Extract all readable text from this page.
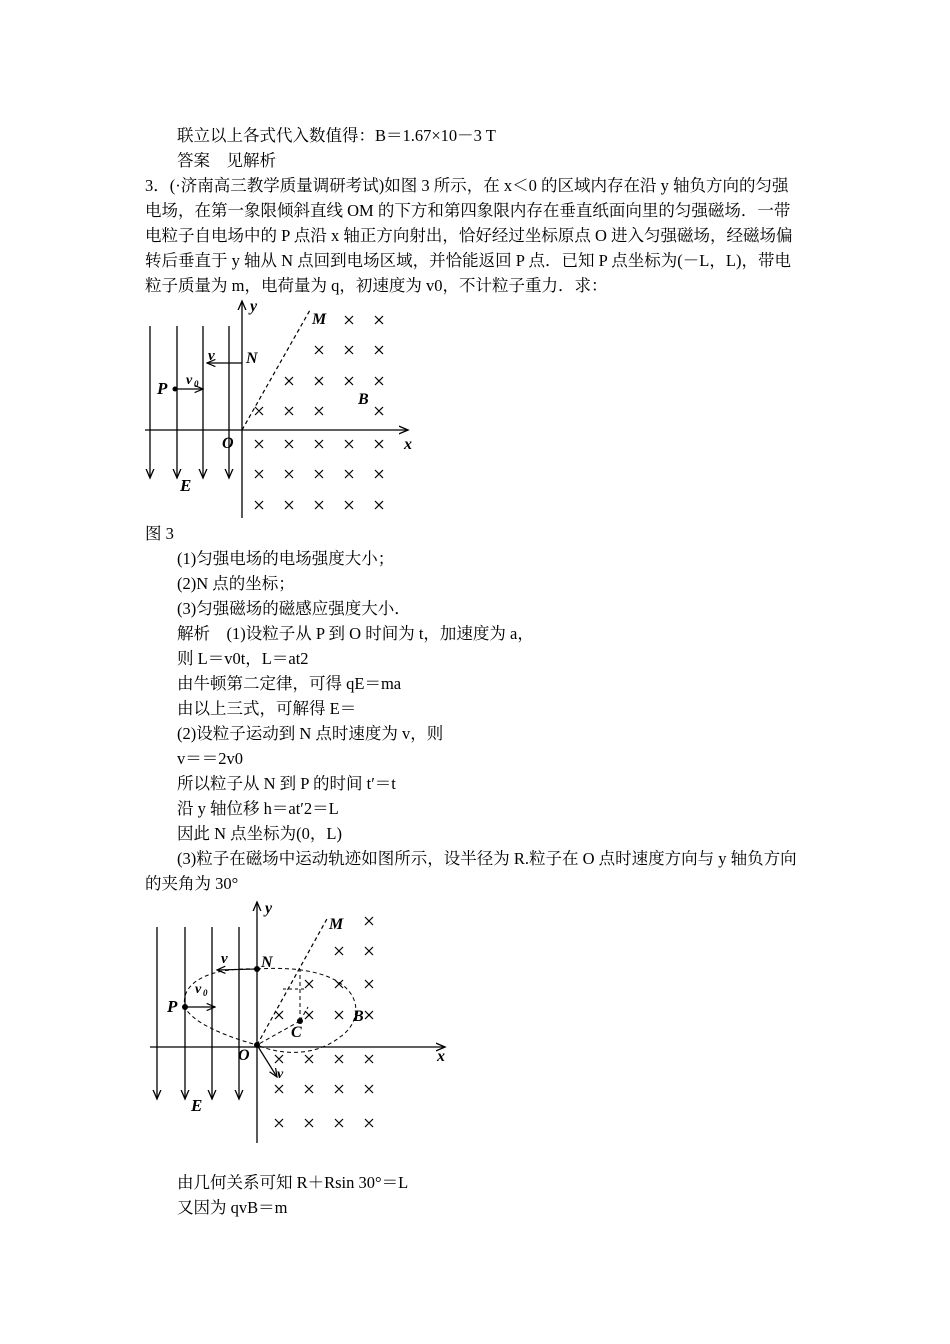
联立以上各式代入数值得：B＝1.67×10－3 T
答案　见解析
3．(·济南高三教学质量调研考试)如图 3 所示，在 x＜0 的区域内存在沿 y 轴负方向的匀强
电场，在第一象限倾斜直线 OM 的下方和第四象限内存在垂直纸面向里的匀强磁场．一带
电粒子自电场中的 P 点沿 x 轴正方向射出，恰好经过坐标原点 O 进入匀强磁场，经磁场偏
转后垂直于 y 轴从 N 点回到电场区域，并恰能返回 P 点．已知 P 点坐标为(－L，L)，带电
粒子质量为 m，电荷量为 q，初速度为 v0，不计粒子重力．求：
y
x
M
N
v
P v 0
B
O
E
图 3
(1)匀强电场的电场强度大小；
(2)N 点的坐标；
(3)匀强磁场的磁感应强度大小．
解析　(1)设粒子从 P 到 O 时间为 t，加速度为 a，
则 L＝v0t，L＝at2
由牛顿第二定律，可得 qE＝ma
由以上三式，可解得 E＝
(2)设粒子运动到 N 点时速度为 v，则
v＝＝2v0
所以粒子从 N 到 P 的时间 t′＝t
沿 y 轴位移 h＝at′2＝L
因此 N 点坐标为(0，L)
(3)粒子在磁场中运动轨迹如图所示，设半径为 R.粒子在 O 点时速度方向与 y 轴负方向
的夹角为 30°
y
x
M
N
v
P
v 0
B
O
E
C
v
由几何关系可知 R＋Rsin 30°＝L
又因为 qvB＝m
